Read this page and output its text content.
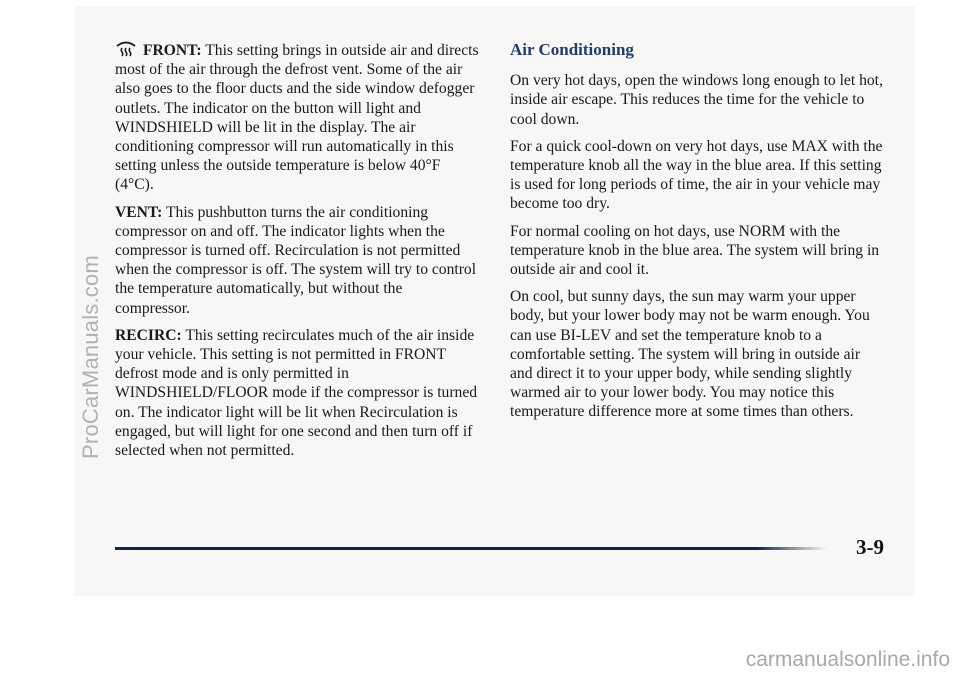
FRONT: This setting brings in outside air and directs most of the air through the defrost vent. Some of the air also goes to the floor ducts and the side window defogger outlets. The indicator on the button will light and WINDSHIELD will be lit in the display. The air conditioning compressor will run automatically in this setting unless the outside temperature is below 40°F (4°C).

VENT: This pushbutton turns the air conditioning compressor on and off. The indicator lights when the compressor is turned off. Recirculation is not permitted when the compressor is off. The system will try to control the temperature automatically, but without the compressor.

RECIRC: This setting recirculates much of the air inside your vehicle. This setting is not permitted in FRONT defrost mode and is only permitted in WINDSHIELD/FLOOR mode if the compressor is turned on. The indicator light will be lit when Recirculation is engaged, but will light for one second and then turn off if selected when not permitted.

Air Conditioning

On very hot days, open the windows long enough to let hot, inside air escape. This reduces the time for the vehicle to cool down.

For a quick cool-down on very hot days, use MAX with the temperature knob all the way in the blue area. If this setting is used for long periods of time, the air in your vehicle may become too dry.

For normal cooling on hot days, use NORM with the temperature knob in the blue area. The system will bring in outside air and cool it.

On cool, but sunny days, the sun may warm your upper body, but your lower body may not be warm enough. You can use BI-LEV and set the temperature knob to a comfortable setting. The system will bring in outside air and direct it to your upper body, while sending slightly warmed air to your lower body. You may notice this temperature difference more at some times than others.

3-9
ProCarManuals.com
carmanualsonline.info
